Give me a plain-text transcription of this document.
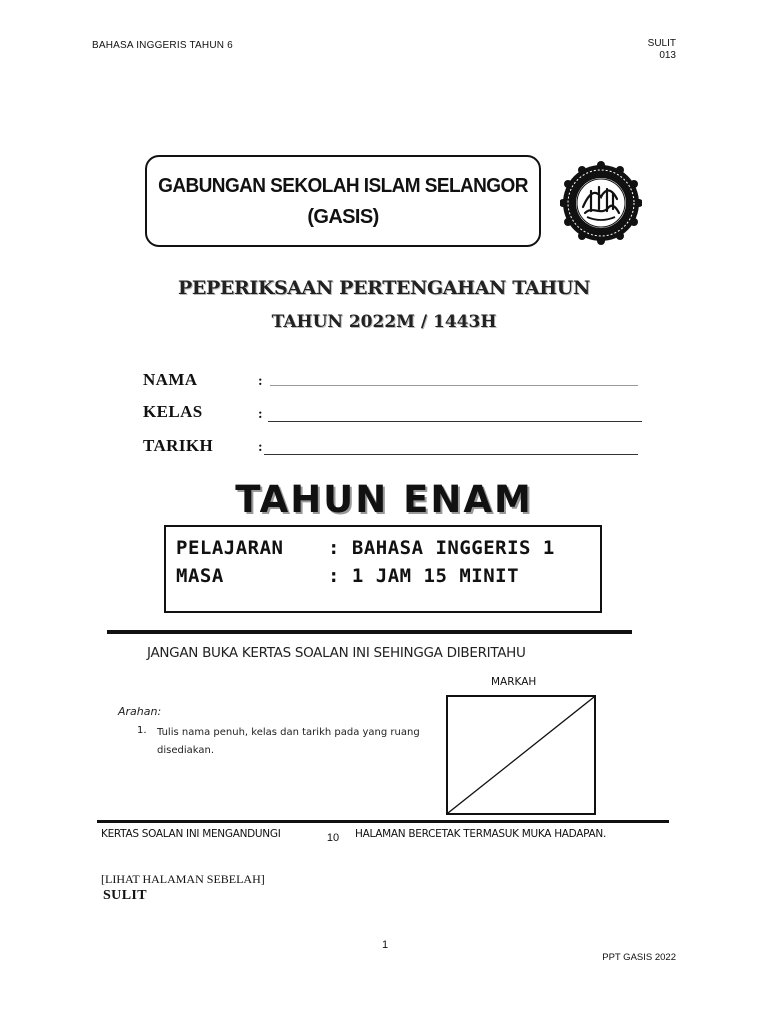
BAHASA INGGERIS TAHUN 6	SULIT
013
GABUNGAN SEKOLAH ISLAM SELANGOR
(GASIS)
PEPERIKSAAN PERTENGAHAN TAHUN
TAHUN 2022M / 1443H
NAMA	:
KELAS	:
TARIKH	:
TAHUN ENAM
PELAJARAN : BAHASA INGGERIS 1
MASA	: 1 JAM 15 MINIT
JANGAN BUKA KERTAS SOALAN INI SEHINGGA DIBERITAHU
MARKAH
Arahan:
1. Tulis nama penuh, kelas dan tarikh pada yang ruang disediakan.
KERTAS SOALAN INI MENGANDUNGI	10	HALAMAN BERCETAK TERMASUK MUKA HADAPAN.
[LIHAT HALAMAN SEBELAH]
SULIT
1
PPT GASIS 2022
